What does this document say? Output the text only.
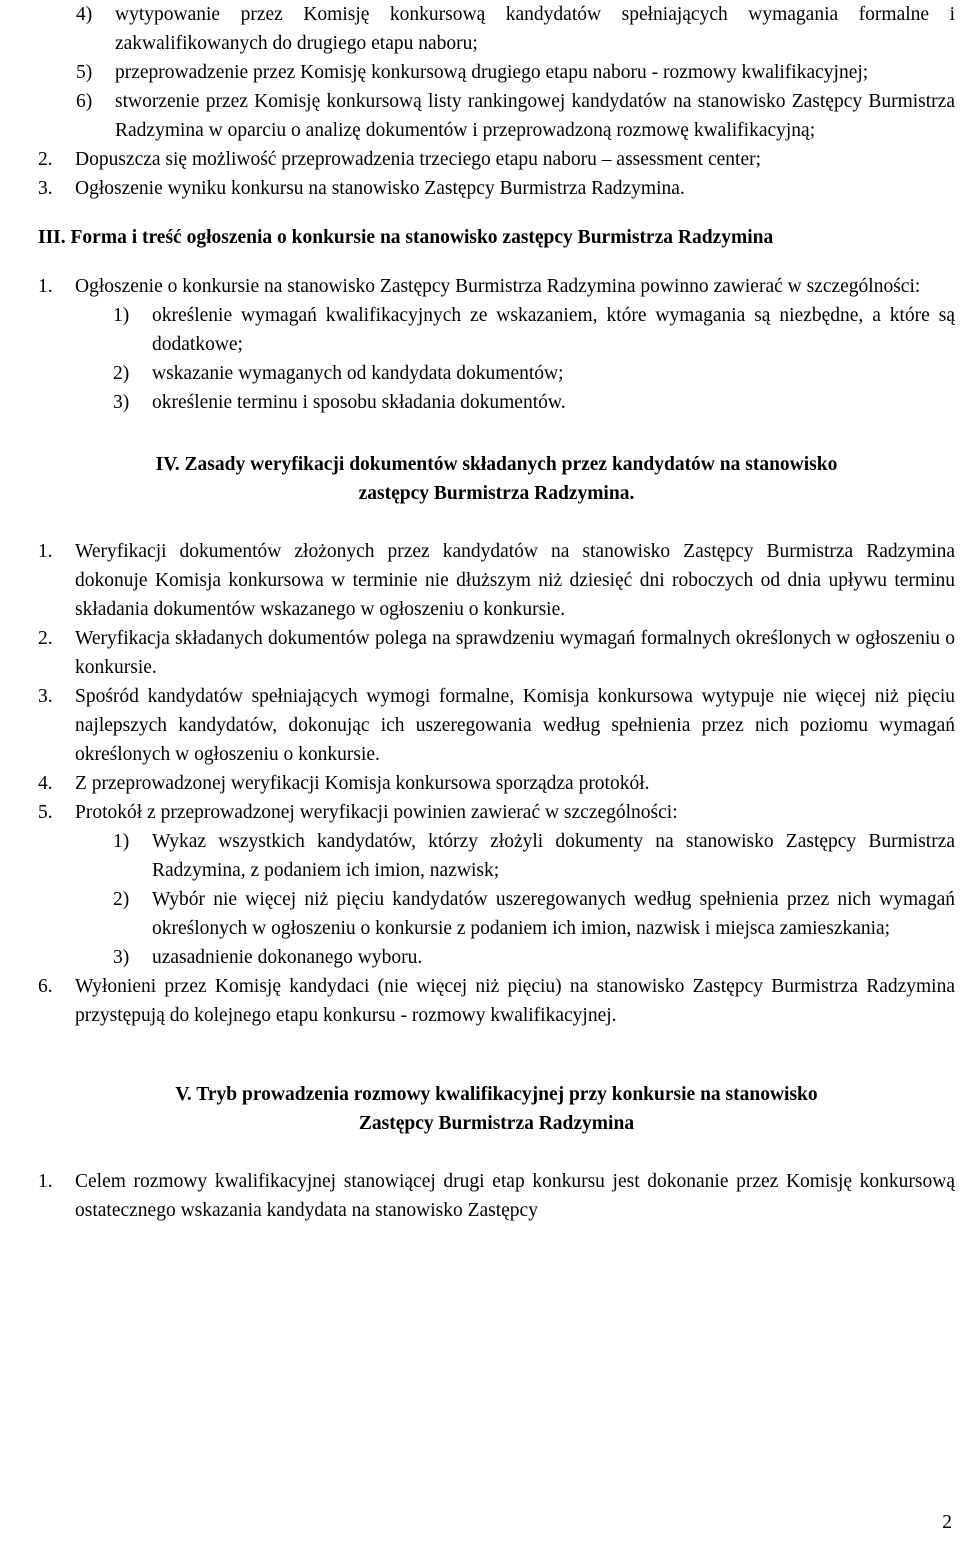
4)	wytypowanie przez Komisję konkursową kandydatów spełniających wymagania formalne i zakwalifikowanych do drugiego etapu naboru;
5)	przeprowadzenie przez Komisję konkursową drugiego etapu naboru - rozmowy kwalifikacyjnej;
6)	stworzenie przez Komisję konkursową listy rankingowej kandydatów na stanowisko Zastępcy Burmistrza Radzymina w oparciu o analizę dokumentów i przeprowadzoną rozmowę kwalifikacyjną;
2.	Dopuszcza się możliwość przeprowadzenia trzeciego etapu naboru – assessment center;
3.	Ogłoszenie wyniku konkursu na stanowisko Zastępcy Burmistrza Radzymina.
III. Forma i treść ogłoszenia o konkursie na stanowisko zastępcy Burmistrza Radzymina
1.	Ogłoszenie o konkursie na stanowisko Zastępcy Burmistrza Radzymina powinno zawierać w szczególności:
1)	określenie wymagań kwalifikacyjnych ze wskazaniem, które wymagania są niezbędne, a które są dodatkowe;
2)	wskazanie wymaganych od kandydata dokumentów;
3)	określenie terminu i sposobu składania dokumentów.
IV. Zasady weryfikacji dokumentów składanych przez kandydatów na stanowisko
zastępcy Burmistrza Radzymina.
1.	Weryfikacji dokumentów złożonych przez kandydatów na stanowisko Zastępcy Burmistrza Radzymina dokonuje Komisja konkursowa w terminie nie dłuższym niż dziesięć dni roboczych od dnia upływu terminu składania dokumentów wskazanego w ogłoszeniu o konkursie.
2.	Weryfikacja składanych dokumentów polega na sprawdzeniu wymagań formalnych określonych w ogłoszeniu o konkursie.
3.	Spośród kandydatów spełniających wymogi formalne, Komisja konkursowa wytypuje nie więcej niż pięciu najlepszych kandydatów, dokonując ich uszeregowania według spełnienia przez nich poziomu wymagań określonych w ogłoszeniu o konkursie.
4.	Z przeprowadzonej weryfikacji Komisja konkursowa sporządza protokół.
5.	Protokół z przeprowadzonej weryfikacji powinien zawierać w szczególności:
1)	Wykaz wszystkich kandydatów, którzy złożyli dokumenty na stanowisko Zastępcy Burmistrza Radzymina, z podaniem ich imion, nazwisk;
2)	Wybór nie więcej niż pięciu kandydatów uszeregowanych według spełnienia przez nich wymagań określonych w ogłoszeniu o konkursie z podaniem ich imion, nazwisk i miejsca zamieszkania;
3)	uzasadnienie dokonanego wyboru.
6.	Wyłonieni przez Komisję kandydaci (nie więcej niż pięciu) na stanowisko Zastępcy Burmistrza Radzymina przystępują do kolejnego etapu konkursu - rozmowy kwalifikacyjnej.
V. Tryb prowadzenia rozmowy kwalifikacyjnej przy konkursie na stanowisko
Zastępcy Burmistrza Radzymina
1.	Celem rozmowy kwalifikacyjnej stanowiącej drugi etap konkursu jest dokonanie przez Komisję konkursową ostatecznego wskazania kandydata na stanowisko Zastępcy
2
